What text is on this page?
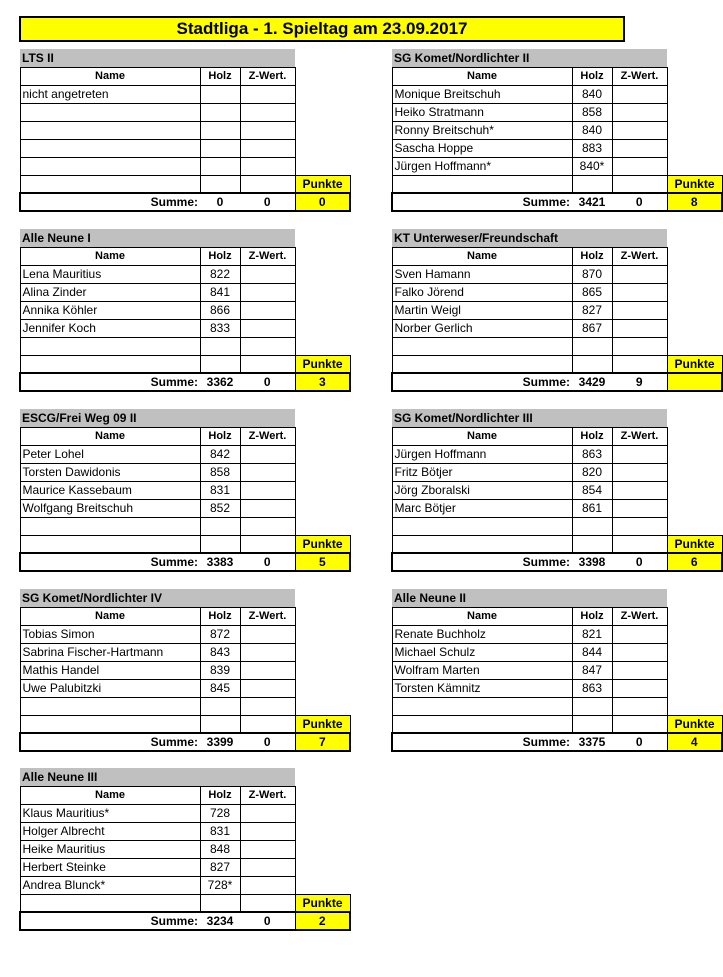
Stadtliga - 1. Spieltag am 23.09.2017
LTS II			
Name	Holz	Z-Wert.	
nicht angetreten			

			Punkte
Summe:	0	0	0
SG Komet/Nordlichter II			
Name	Holz	Z-Wert.	
Monique Breitschuh	840		
Heiko Stratmann	858		
Ronny Breitschuh*	840		
Sascha Hoppe	883		
Jürgen Hoffmann*	840*		
			Punkte
Summe:	3421	0	8
Alle Neune I			
Name	Holz	Z-Wert.	
Lena Mauritius	822		
Alina Zinder	841		
Annika Köhler	866		
Jennifer Koch	833		

			Punkte
Summe:	3362	0	3
KT Unterweser/Freundschaft			
Name	Holz	Z-Wert.	
Sven Hamann	870		
Falko Jörend	865		
Martin Weigl	827		
Norber Gerlich	867		

			Punkte
Summe:	3429	9	
ESCG/Frei Weg 09 II			
Name	Holz	Z-Wert.	
Peter Lohel	842		
Torsten Dawidonis	858		
Maurice Kassebaum	831		
Wolfgang Breitschuh	852		

			Punkte
Summe:	3383	0	5
SG Komet/Nordlichter III			
Name	Holz	Z-Wert.	
Jürgen Hoffmann	863		
Fritz Bötjer	820		
Jörg Zboralski	854		
Marc Bötjer	861		

			Punkte
Summe:	3398	0	6
SG Komet/Nordlichter IV			
Name	Holz	Z-Wert.	
Tobias Simon	872		
Sabrina Fischer-Hartmann	843		
Mathis Handel	839		
Uwe Palubitzki	845		

			Punkte
Summe:	3399	0	7
Alle Neune II			
Name	Holz	Z-Wert.	
Renate Buchholz	821		
Michael Schulz	844		
Wolfram Marten	847		
Torsten Kämnitz	863		

			Punkte
Summe:	3375	0	4
Alle Neune III			
Name	Holz	Z-Wert.	
Klaus Mauritius*	728		
Holger Albrecht	831		
Heike Mauritius	848		
Herbert Steinke	827		
Andrea Blunck*	728*		
			Punkte
Summe:	3234	0	2
